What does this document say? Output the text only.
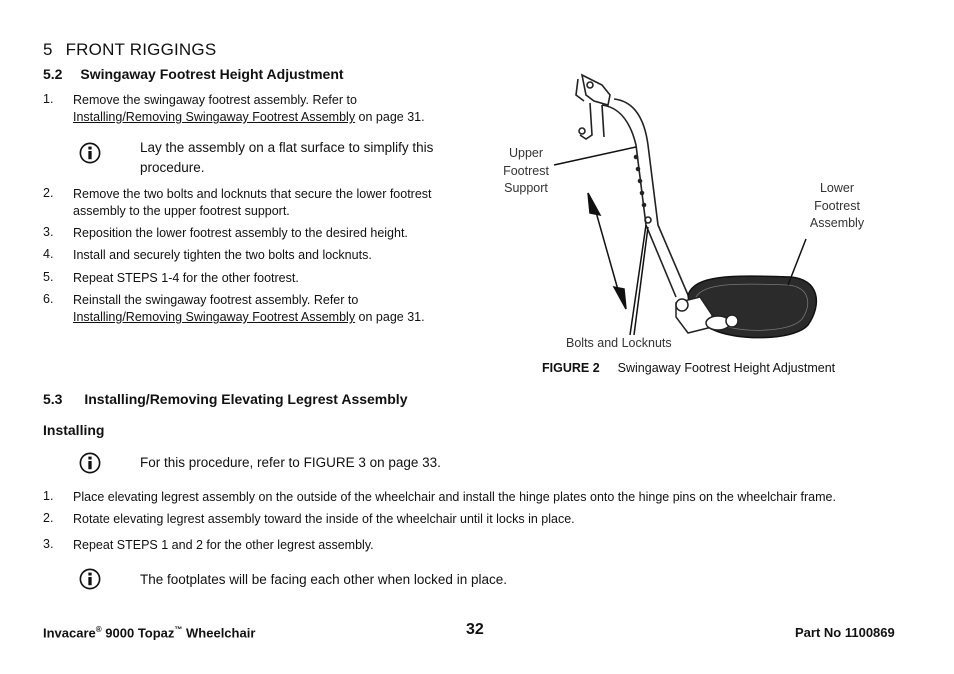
5 FRONT RIGGINGS
5.2 Swingaway Footrest Height Adjustment
1. Remove the swingaway footrest assembly. Refer to
Installing/Removing Swingaway Footrest Assembly on page 31.
Lay the assembly on a flat surface to simplify this
procedure.
2. Remove the two bolts and locknuts that secure the lower footrest
assembly to the upper footrest support.
3. Reposition the lower footrest assembly to the desired height.
4. Install and securely tighten the two bolts and locknuts.
5. Repeat STEPS 1-4 for the other footrest.
6. Reinstall the swingaway footrest assembly. Refer to
Installing/Removing Swingaway Footrest Assembly on page 31.
Upper
Footrest
Support	Lower
Footrest
Assembly
Bolts and Locknuts
FIGURE 2 Swingaway Footrest Height Adjustment
5.3 Installing/Removing Elevating Legrest Assembly
Installing
For this procedure, refer to FIGURE 3 on page 33.
1. Place elevating legrest assembly on the outside of the wheelchair and install the hinge plates onto the hinge pins on the wheelchair frame.
2. Rotate elevating legrest assembly toward the inside of the wheelchair until it locks in place.
3. Repeat STEPS 1 and 2 for the other legrest assembly.
The footplates will be facing each other when locked in place.
Invacare® 9000 Topaz™ Wheelchair	32	Part No 1100869
